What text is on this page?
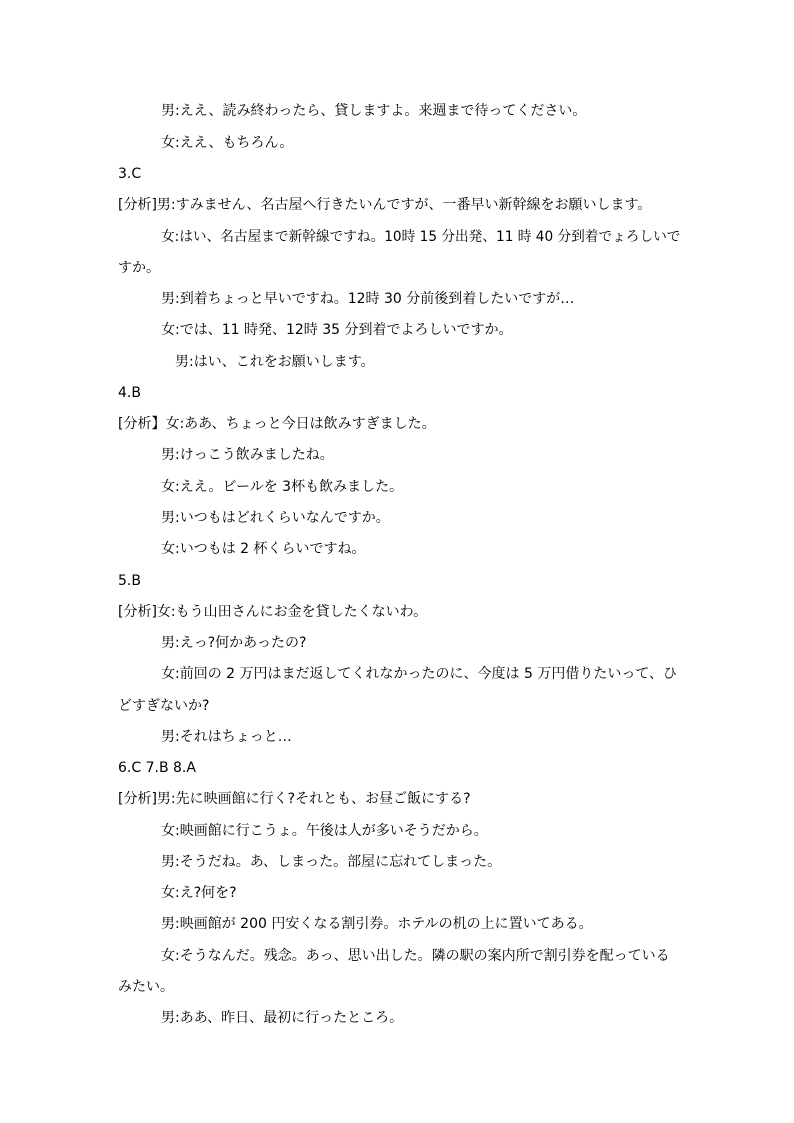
男:ええ、読み終わったら、貸しますよ。来週まで待ってください。
女:ええ、もちろん。
3.C
[分析]男:すみません、名古屋へ行きたいんですが、一番早い新幹線をお願いします。
女:はい、名古屋まで新幹線ですね。10時 15 分出発、11 時 40 分到着でょろしいで
すか。
男:到着ちょっと早いですね。12時 30 分前後到着したいですが…
女:では、11 時発、12時 35 分到着でよろしいですか。
男:はい、これをお願いします。
4.B
[分析】女:ああ、ちょっと今日は飲みすぎました。
男:けっこう飲みましたね。
女:ええ。ビールを 3杯も飲みました。
男:いつもはどれくらいなんですか。
女:いつもは 2 杯くらいですね。
5.B
[分析]女:もう山田さんにお金を貸したくないわ。
男:えっ?何かあったの?
女:前回の 2 万円はまだ返してくれなかったのに、今度は 5 万円借りたいって、ひ
どすぎないか?
男:それはちょっと…
6.C 7.B 8.A
[分析]男:先に映画館に行く?それとも、お昼ご飯にする?
女:映画館に行こうょ。午後は人が多いそうだから。
男:そうだね。あ、しまった。部屋に忘れてしまった。
女:え?何を?
男:映画館が 200 円安くなる割引券。ホテルの机の上に置いてある。
女:そうなんだ。残念。あっ、思い出した。隣の駅の案内所で割引券を配っている
みたい。
男:ああ、昨日、最初に行ったところ。
